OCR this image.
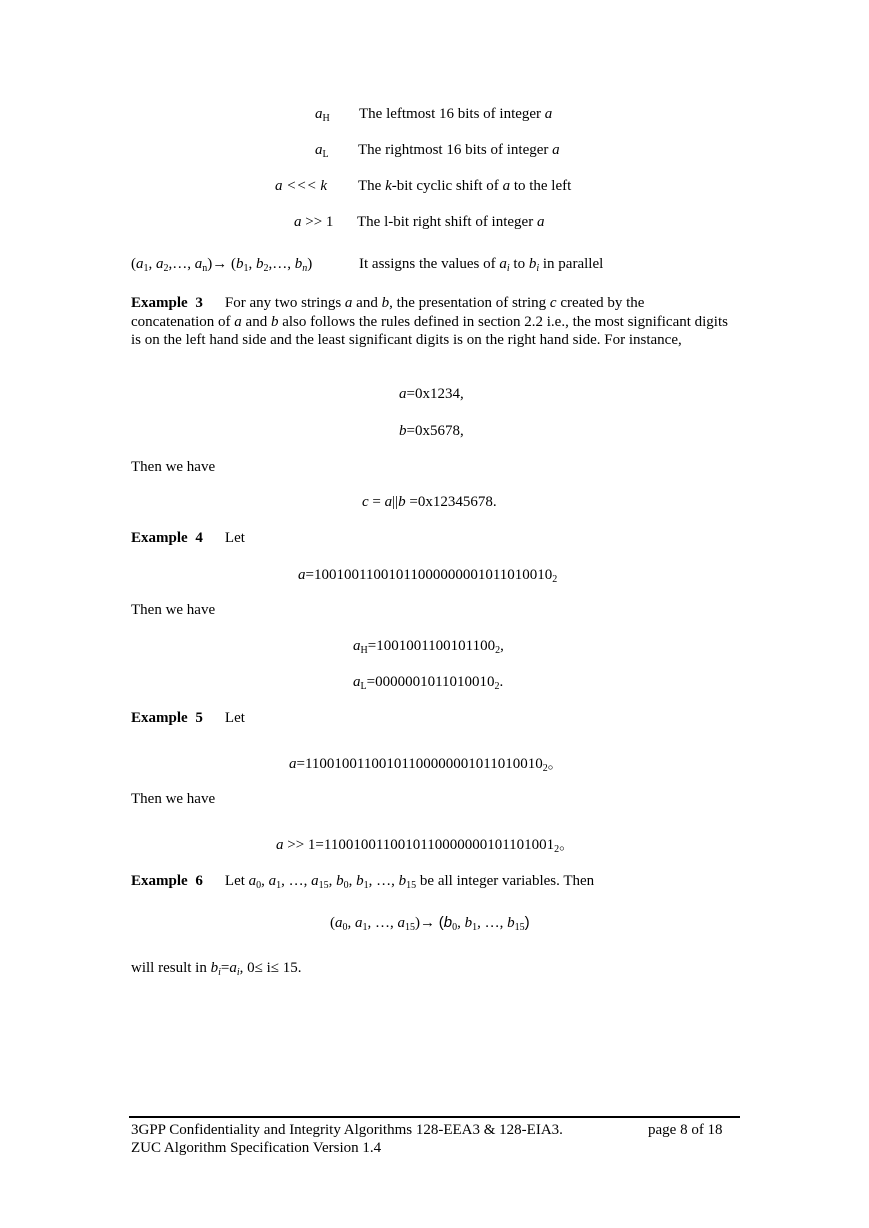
$a_H$ The leftmost 16 bits of integer a
$a_L$ The rightmost 16 bits of integer a
a <<< k The k-bit cyclic shift of a to the left
a >> 1 The l-bit right shift of integer a
($a_1$, $a_2,\dots$, $a_n)\to (b_1$, $b_2,\dots$, $b_n$)	It assigns the values of $a_i$ to $b_i$ in parallel
Example 3 For any two strings a and b, the presentation of string c created by the concatenation of a and b also follows the rules defined in section 2.2 i.e., the most significant digits is on the left hand side and the least significant digits is on the right hand side. For instance,
a=0x1234,
b=0x5678,
Then we have
c = a||b =0x12345678.
Example 4 Let
$a=10010011001011000000001011010010_2$
Then we have
$a_H=1001001100101100_2$,
$a_L=0000001011010010_2$.
Example 5 Let
$a=11001001100101100000001011010010_2$。
Then we have
$a >> 1=1100100110010110000000101101001_2$。
Example 6 Let $a_0$, $a_1$, …, $a_{15}$, $b_0$, $b_1$, …, $b_{15}$ be all integer variables. Then
($a_0$, $a_1$, …, $a_{15})\to (b_0$, $b_1$, …, $b_{15}$)
will result in $b_i=a_i$, 0≤ i≤ 15.
3GPP Confidentiality and Integrity Algorithms 128-EEA3 & 128-EIA3.	page 8 of 18
ZUC Algorithm Specification Version 1.4
